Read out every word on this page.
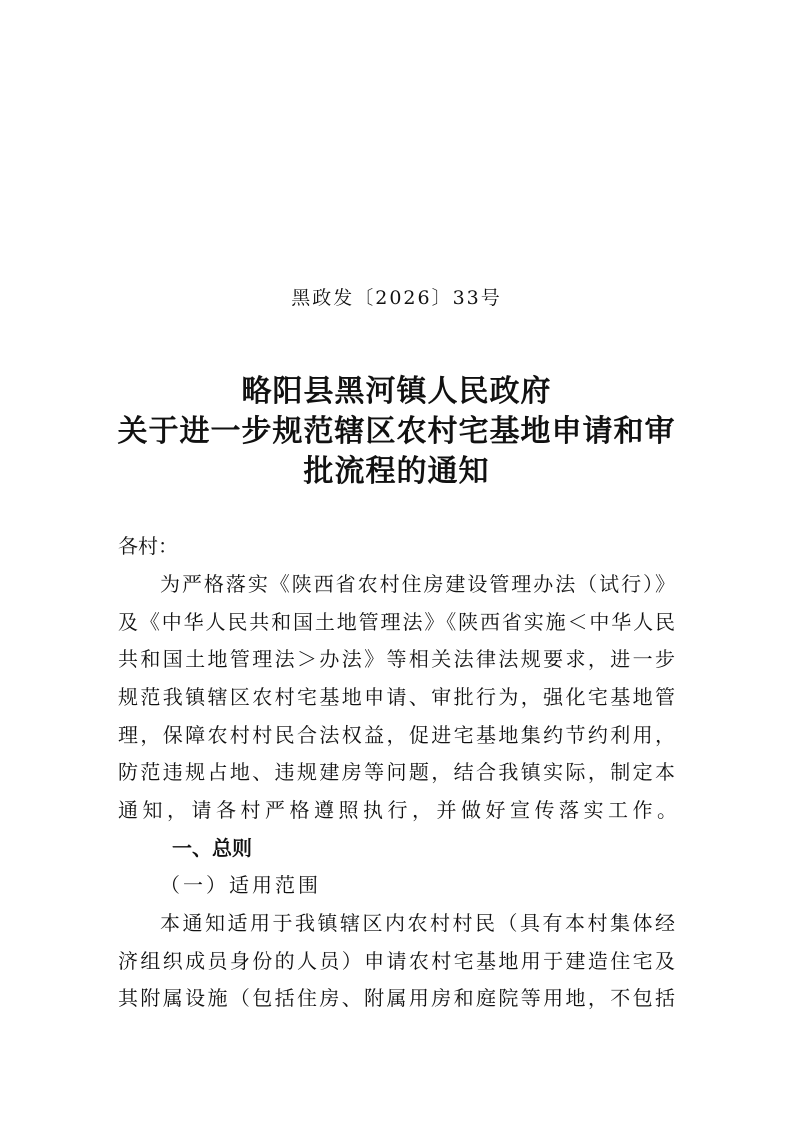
黑政发〔2026〕33号
略阳县黑河镇人民政府
关于进一步规范辖区农村宅基地申请和审
批流程的通知
各村：
为严格落实《陕西省农村住房建设管理办法（试行）》
及《中华人民共和国土地管理法》《陕西省实施＜中华人民
共和国土地管理法＞办法》等相关法律法规要求，进一步
规范我镇辖区农村宅基地申请、审批行为，强化宅基地管
理，保障农村村民合法权益，促进宅基地集约节约利用，
防范违规占地、违规建房等问题，结合我镇实际，制定本
通知，请各村严格遵照执行，并做好宣传落实工作。
一、总则
（一）适用范围
本通知适用于我镇辖区内农村村民（具有本村集体经
济组织成员身份的人员）申请农村宅基地用于建造住宅及
其附属设施（包括住房、附属用房和庭院等用地，不包括
